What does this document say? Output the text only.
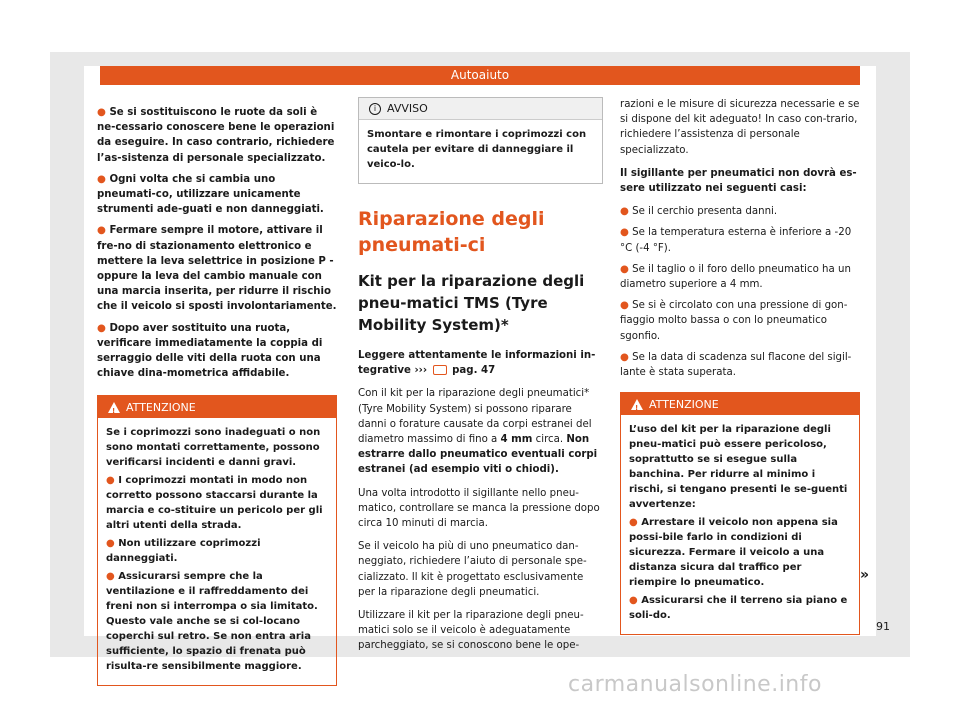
Autoaiuto
● Se si sostituiscono le ruote da soli è ne-cessario conoscere bene le operazioni da eseguire. In caso contrario, richiedere l’as-sistenza di personale specializzato.
● Ogni volta che si cambia uno pneumati-co, utilizzare unicamente strumenti ade-guati e non danneggiati.
● Fermare sempre il motore, attivare il fre-no di stazionamento elettronico e mettere la leva selettrice in posizione P -oppure la leva del cambio manuale con una marcia inserita, per ridurre il rischio che il veicolo si sposti involontariamente.
● Dopo aver sostituito una ruota, verificare immediatamente la coppia di serraggio delle viti della ruota con una chiave dina-mometrica affidabile.
! ATTENZIONE

Se i coprimozzi sono inadeguati o non sono montati correttamente, possono verificarsi incidenti e danni gravi.

● I coprimozzi montati in modo non corretto possono staccarsi durante la marcia e co-stituire un pericolo per gli altri utenti della strada.

● Non utilizzare coprimozzi danneggiati.

● Assicurarsi sempre che la ventilazione e il raffreddamento dei freni non si interrompa o sia limitato. Questo vale anche se si col-locano coperchi sul retro. Se non entra aria sufficiente, lo spazio di frenata può risulta-re sensibilmente maggiore.

i AVVISO

Smontare e rimontare i coprimozzi con cautela per evitare di danneggiare il veico-lo.

Riparazione degli pneumati-ci
Kit per la riparazione degli pneu-matici TMS (Tyre Mobility System)*

Leggere attentamente le informazioni in-tegrative ››› pag. 47

Con il kit per la riparazione degli pneumatici* (Tyre Mobility System) si possono riparare danni o forature causate da corpi estranei del diametro massimo di fino a 4 mm circa. Non estrarre dallo pneumatico eventuali corpi estranei (ad esempio viti o chiodi).

Una volta introdotto il sigillante nello pneu-matico, controllare se manca la pressione dopo circa 10 minuti di marcia.

Se il veicolo ha più di uno pneumatico dan-neggiato, richiedere l’aiuto di personale spe-cializzato. Il kit è progettato esclusivamente per la riparazione degli pneumatici.

Utilizzare il kit per la riparazione degli pneu-matici solo se il veicolo è adeguatamente parcheggiato, se si conoscono bene le ope-

razioni e le misure di sicurezza necessarie e se si dispone del kit adeguato! In caso con-trario, richiedere l’assistenza di personale specializzato.

Il sigillante per pneumatici non dovrà es-sere utilizzato nei seguenti casi:

● Se il cerchio presenta danni.
● Se la temperatura esterna è inferiore a -20 °C (-4 °F).
● Se il taglio o il foro dello pneumatico ha un diametro superiore a 4 mm.
● Se si è circolato con una pressione di gon-fiaggio molto bassa o con lo pneumatico sgonfio.
● Se la data di scadenza sul flacone del sigil-lante è stata superata.
! ATTENZIONE

L’uso del kit per la riparazione degli pneu-matici può essere pericoloso, soprattutto se si esegue sulla banchina. Per ridurre al minimo i rischi, si tengano presenti le se-guenti avvertenze:

● Arrestare il veicolo non appena sia possi-bile farlo in condizioni di sicurezza. Fermare il veicolo a una distanza sicura dal traffico per riempire lo pneumatico.

● Assicurarsi che il terreno sia piano e soli-do.

»
91
carmanualsonline.info
